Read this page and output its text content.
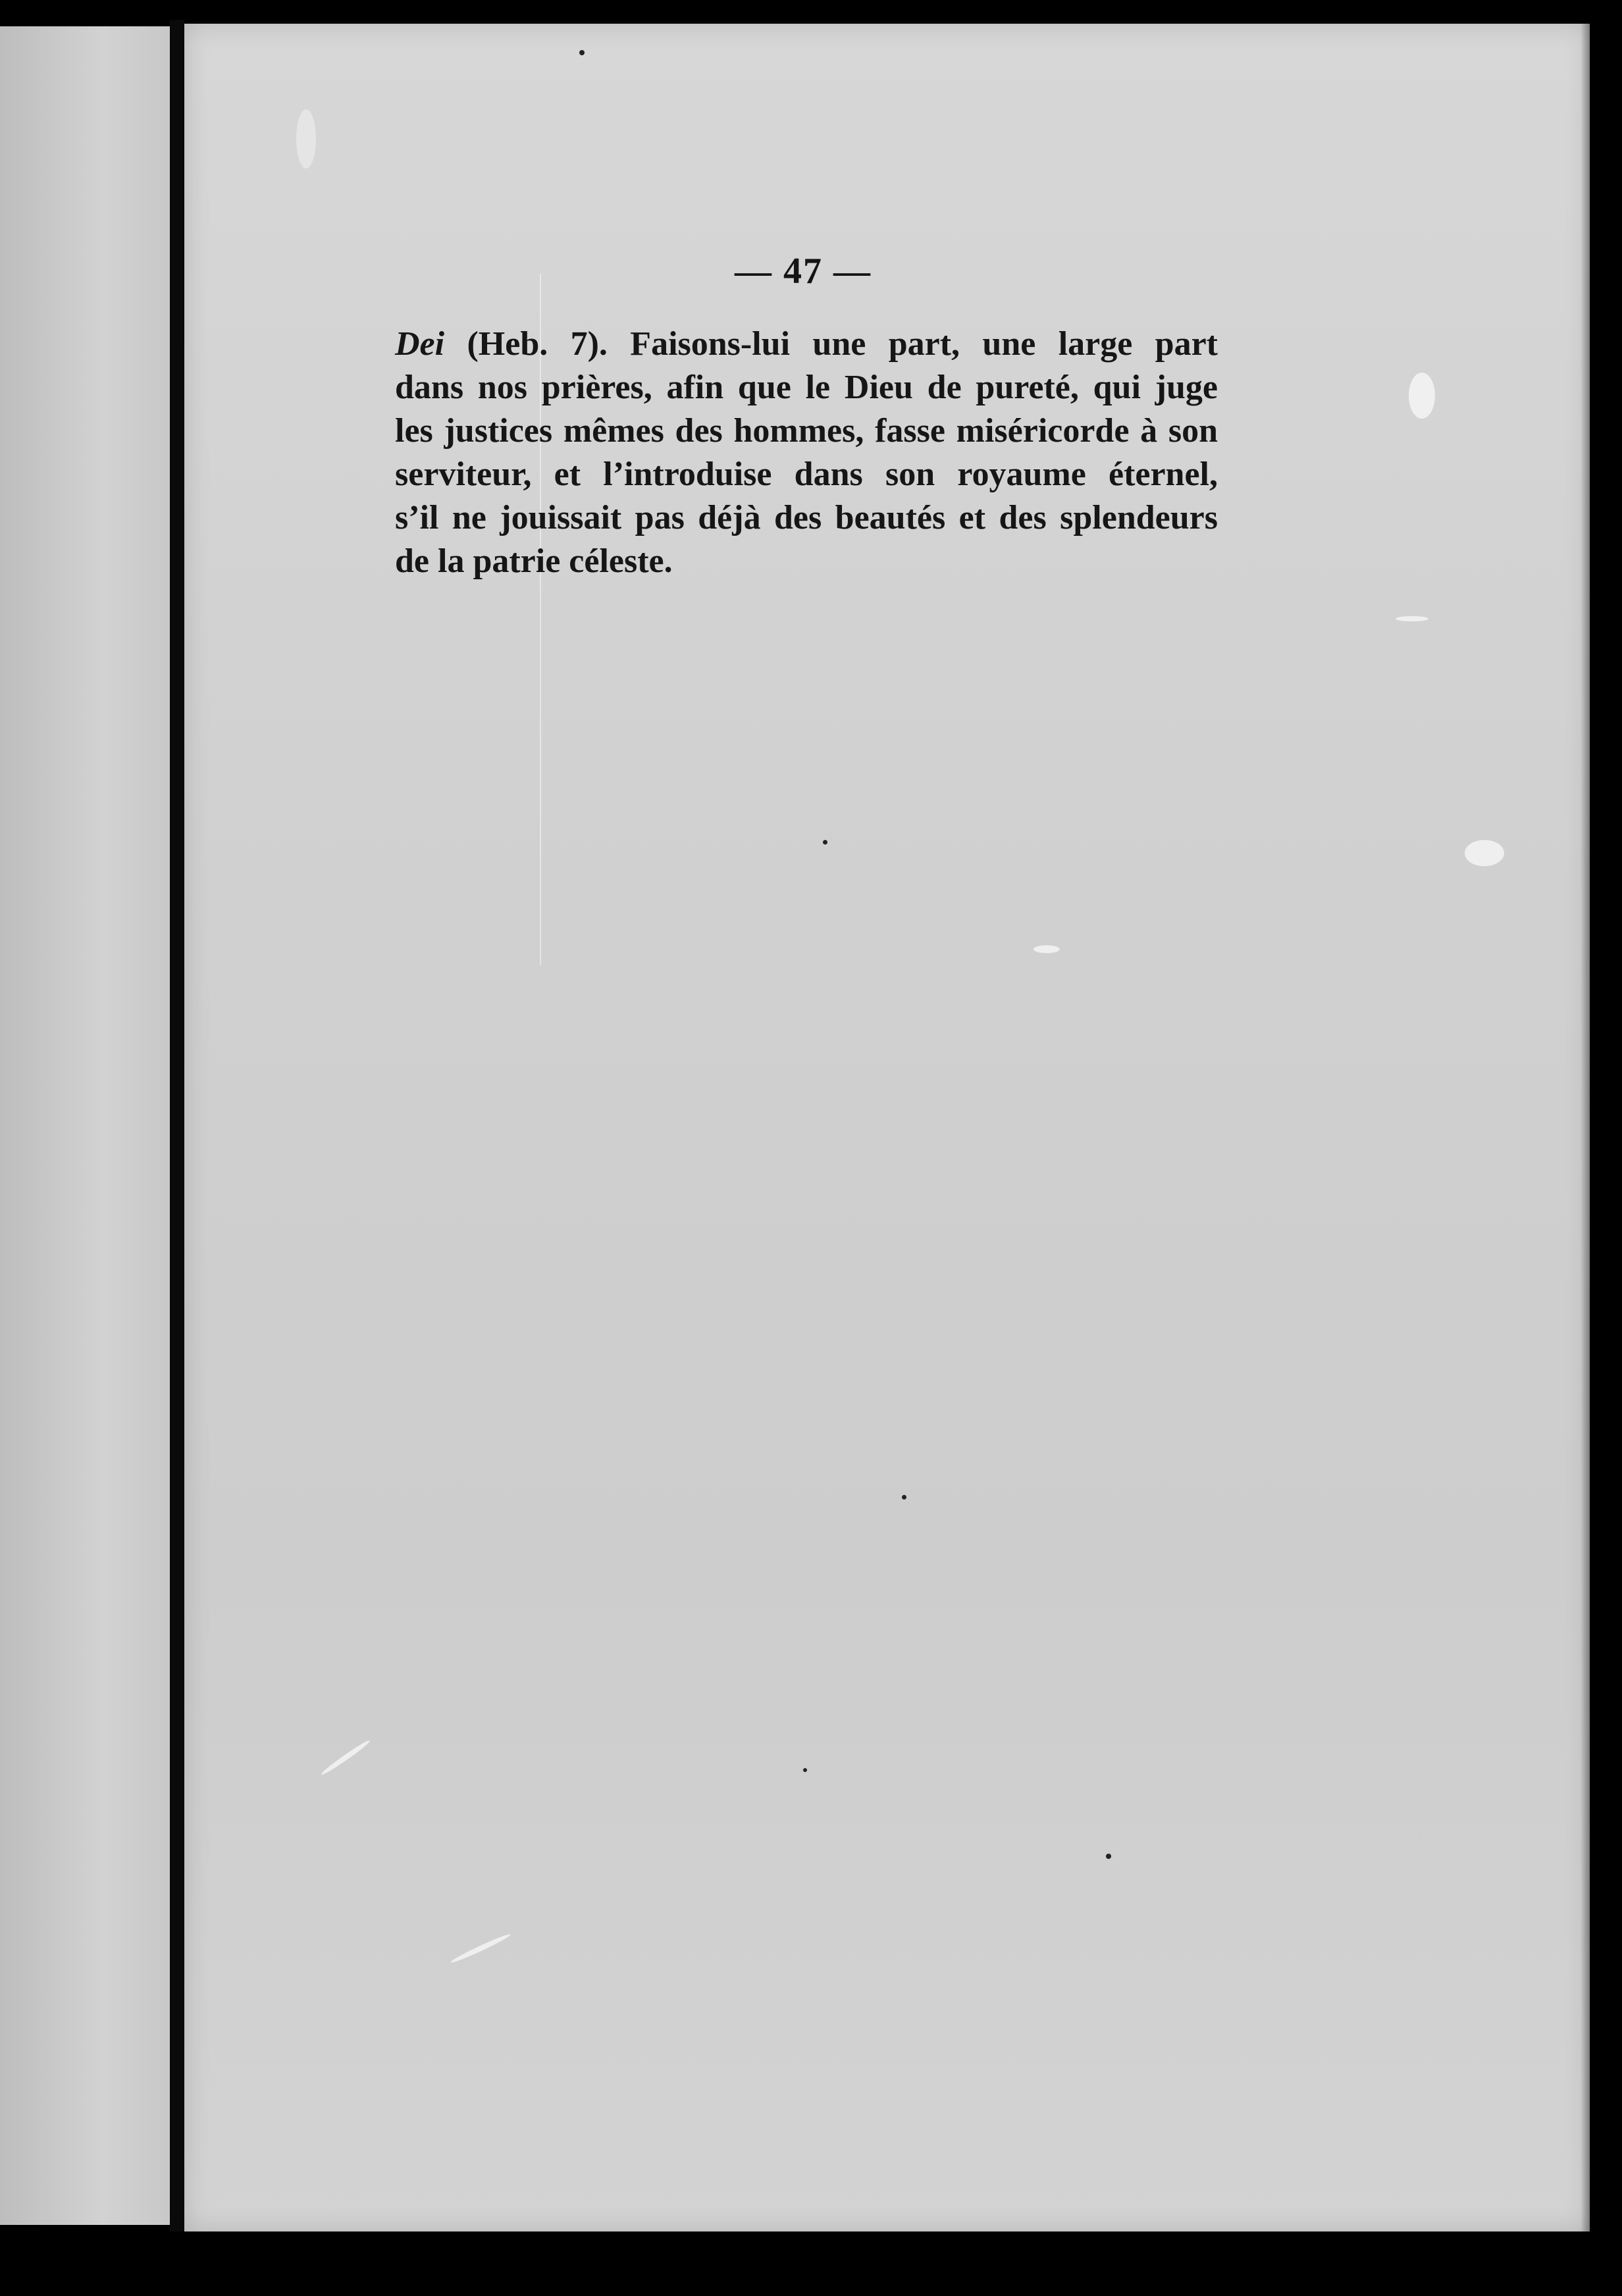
— 47 —
Dei (Heb. 7). Faisons-lui une part, une large part
dans nos prières, afin que le Dieu de pureté, qui juge
les justices mêmes des hommes, fasse miséricorde à son
serviteur, et l’introduise dans son royaume éternel,
s’il ne jouissait pas déjà des beautés et des splendeurs
de la patrie céleste.
